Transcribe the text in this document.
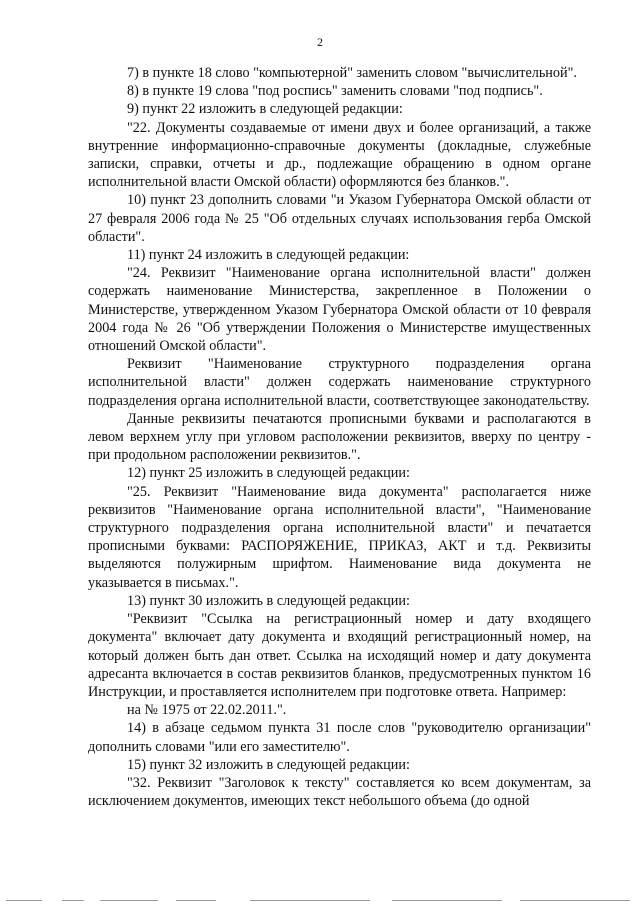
2

7) в пункте 18 слово "компьютерной" заменить словом "вычислительной".

8) в пункте 19 слова "под роспись" заменить словами "под подпись".

9) пункт 22 изложить в следующей редакции:

"22. Документы создаваемые от имени двух и более организаций, а также внутренние информационно-справочные документы (докладные, служебные записки, справки, отчеты и др., подлежащие обращению в одном органе исполнительной власти Омской области) оформляются без бланков.".

10) пункт 23 дополнить словами "и Указом Губернатора Омской области от 27 февраля 2006 года № 25 "Об отдельных случаях использования герба Омской области".

11) пункт 24 изложить в следующей редакции:

"24. Реквизит "Наименование органа исполнительной власти" должен содержать наименование Министерства, закрепленное в Положении о Министерстве, утвержденном Указом Губернатора Омской области от 10 февраля 2004 года № 26 "Об утверждении Положения о Министерстве имущественных отношений Омской области".

Реквизит "Наименование структурного подразделения органа исполнительной власти" должен содержать наименование структурного подразделения органа исполнительной власти, соответствующее законодательству.

Данные реквизиты печатаются прописными буквами и располагаются в левом верхнем углу при угловом расположении реквизитов, вверху по центру - при продольном расположении реквизитов.".

12) пункт 25 изложить в следующей редакции:

"25. Реквизит "Наименование вида документа" располагается ниже реквизитов "Наименование органа исполнительной власти", "Наименование структурного подразделения органа исполнительной власти" и печатается прописными буквами: РАСПОРЯЖЕНИЕ, ПРИКАЗ, АКТ и т.д. Реквизиты выделяются полужирным шрифтом. Наименование вида документа не указывается в письмах.".

13) пункт 30 изложить в следующей редакции:

"Реквизит "Ссылка на регистрационный номер и дату входящего документа" включает дату документа и входящий регистрационный номер, на который должен быть дан ответ. Ссылка на исходящий номер и дату документа адресанта включается в состав реквизитов бланков, предусмотренных пунктом 16 Инструкции, и проставляется исполнителем при подготовке ответа. Например:

на № 1975 от 22.02.2011.".

14) в абзаце седьмом пункта 31 после слов "руководителю организации" дополнить словами "или его заместителю".

15) пункт 32 изложить в следующей редакции:

"32. Реквизит "Заголовок к тексту" составляется ко всем документам, за исключением документов, имеющих текст небольшого объема (до одной
